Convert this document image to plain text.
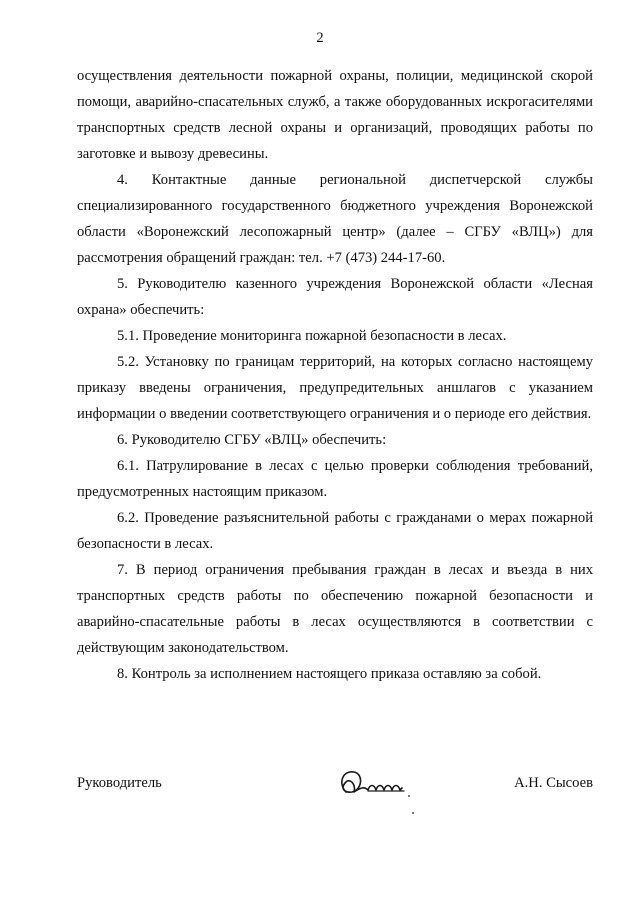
2

осуществления деятельности пожарной охраны, полиции, медицинской скорой помощи, аварийно-спасательных служб, а также оборудованных искрогасителями транспортных средств лесной охраны и организаций, проводящих работы по заготовке и вывозу древесины.

4. Контактные данные региональной диспетчерской службы специализированного государственного бюджетного учреждения Воронежской области «Воронежский лесопожарный центр» (далее – СГБУ «ВЛЦ») для рассмотрения обращений граждан: тел. +7 (473) 244-17-60.

5. Руководителю казенного учреждения Воронежской области «Лесная охрана» обеспечить:

5.1. Проведение мониторинга пожарной безопасности в лесах.

5.2. Установку по границам территорий, на которых согласно настоящему приказу введены ограничения, предупредительных аншлагов с указанием информации о введении соответствующего ограничения и о периоде его действия.

6. Руководителю СГБУ «ВЛЦ» обеспечить:

6.1. Патрулирование в лесах с целью проверки соблюдения требований, предусмотренных настоящим приказом.

6.2. Проведение разъяснительной работы с гражданами о мерах пожарной безопасности в лесах.

7. В период ограничения пребывания граждан в лесах и въезда в них транспортных средств работы по обеспечению пожарной безопасности и аварийно-спасательные работы в лесах осуществляются в соответствии с действующим законодательством.

8. Контроль за исполнением настоящего приказа оставляю за собой.

Руководитель	А.Н. Сысоев
